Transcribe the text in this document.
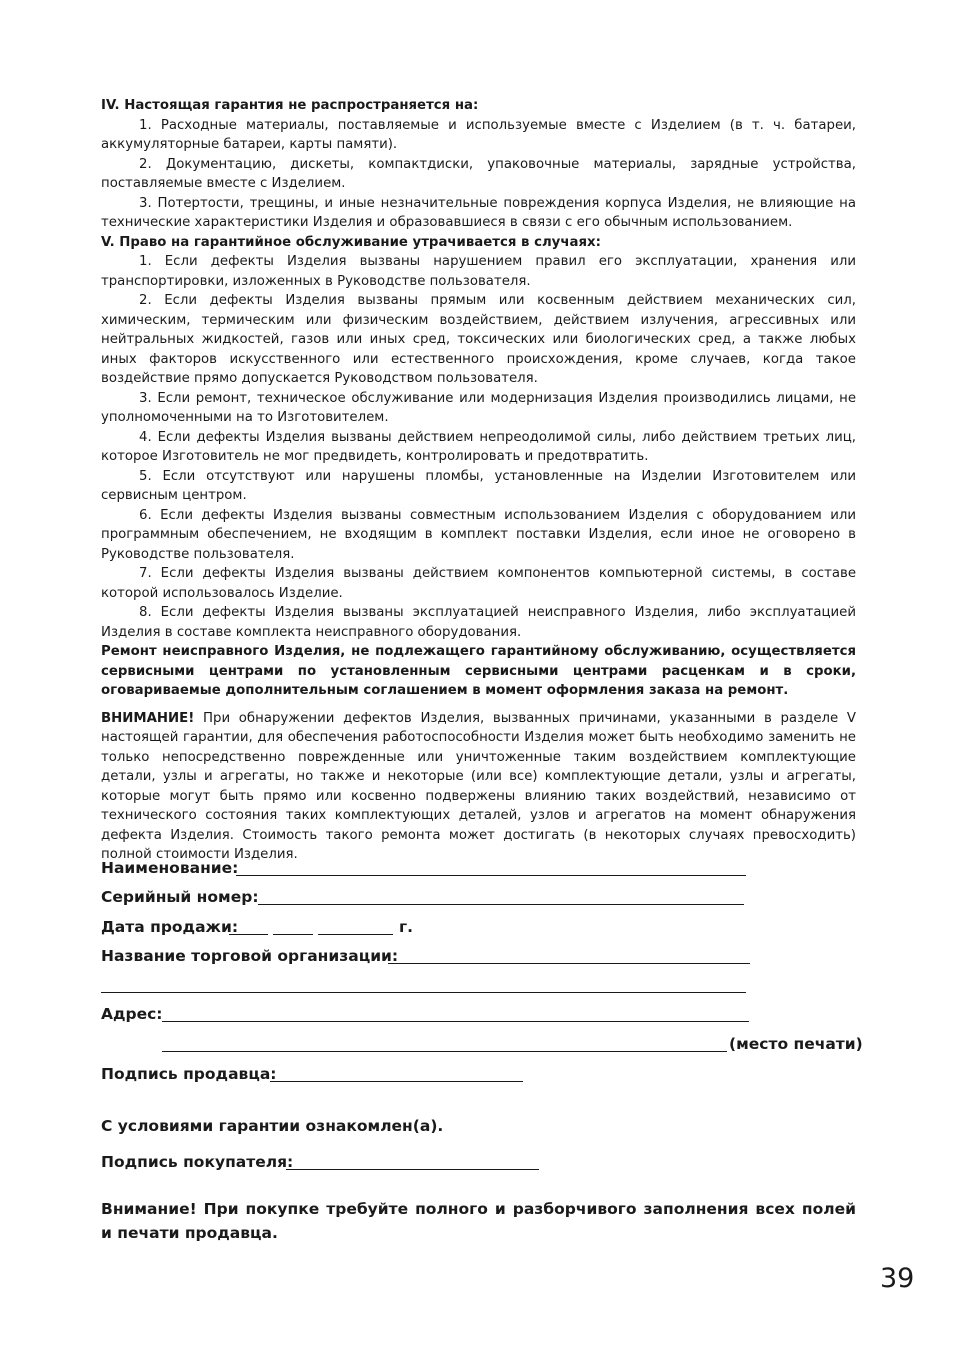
IV. Настоящая гарантия не распространяется на:

1. Расходные материалы, поставляемые и используемые вместе с Изделием (в т. ч. батареи, аккумуляторные батареи, карты памяти).

2. Документацию, дискеты, компактдиски, упаковочные материалы, зарядные устройства, поставляемые вместе с Изделием.

3. Потертости, трещины, и иные незначительные повреждения корпуса Изделия, не влияющие на технические характеристики Изделия и образовавшиеся в связи с его обычным использованием.

V. Право на гарантийное обслуживание утрачивается в случаях:

1. Если дефекты Изделия вызваны нарушением правил его эксплуатации, хранения или транспортировки, изложенных в Руководстве пользователя.

2. Если дефекты Изделия вызваны прямым или косвенным действием механических сил, химическим, термическим или физическим воздействием, действием излучения, агрессивных или нейтральных жидкостей, газов или иных сред, токсических или биологических сред, а также любых иных факторов искусственного или естественного происхождения, кроме случаев, когда такое воздействие прямо допускается Руководством пользователя.

3. Если ремонт, техническое обслуживание или модернизация Изделия производились лицами, не уполномоченными на то Изготовителем.

4. Если дефекты Изделия вызваны действием непреодолимой силы, либо действием третьих лиц, которое Изготовитель не мог предвидеть, контролировать и предотвратить.

5. Если отсутствуют или нарушены пломбы, установленные на Изделии Изготовителем или сервисным центром.

6. Если дефекты Изделия вызваны совместным использованием Изделия с оборудованием или программным обеспечением, не входящим в комплект поставки Изделия, если иное не оговорено в Руководстве пользователя.

7. Если дефекты Изделия вызваны действием компонентов компьютерной системы, в составе которой использовалось Изделие.

8. Если дефекты Изделия вызваны эксплуатацией неисправного Изделия, либо эксплуатацией Изделия в составе комплекта неисправного оборудования.

Ремонт неисправного Изделия, не подлежащего гарантийному обслуживанию, осуществляется сервисными центрами по установленным сервисными центрами расценкам и в сроки, оговариваемые дополнительным соглашением в момент оформления заказа на ремонт.

ВНИМАНИЕ! При обнаружении дефектов Изделия, вызванных причинами, указанными в разделе V настоящей гарантии, для обеспечения работоспособности Изделия может быть необходимо заменить не только непосредственно поврежденные или уничтоженные таким воздействием комплектующие детали, узлы и агрегаты, но также и некоторые (или все) комплектующие детали, узлы и агрегаты, которые могут быть прямо или косвенно подвержены влиянию таких воздействий, независимо от технического состояния таких комплектующих деталей, узлов и агрегатов на момент обнаружения дефекта Изделия. Стоимость такого ремонта может достигать (в некоторых случаях превосходить) полной стоимости Изделия.

Наименование:
Серийный номер:
Дата продажи:	г.
Название торговой организации:
Адрес:
(место печати)
Подпись продавца:
С условиями гарантии ознакомлен(а).
Подпись покупателя:

Внимание! При покупке требуйте полного и разборчивого заполнения всех полей и печати продавца.

39
